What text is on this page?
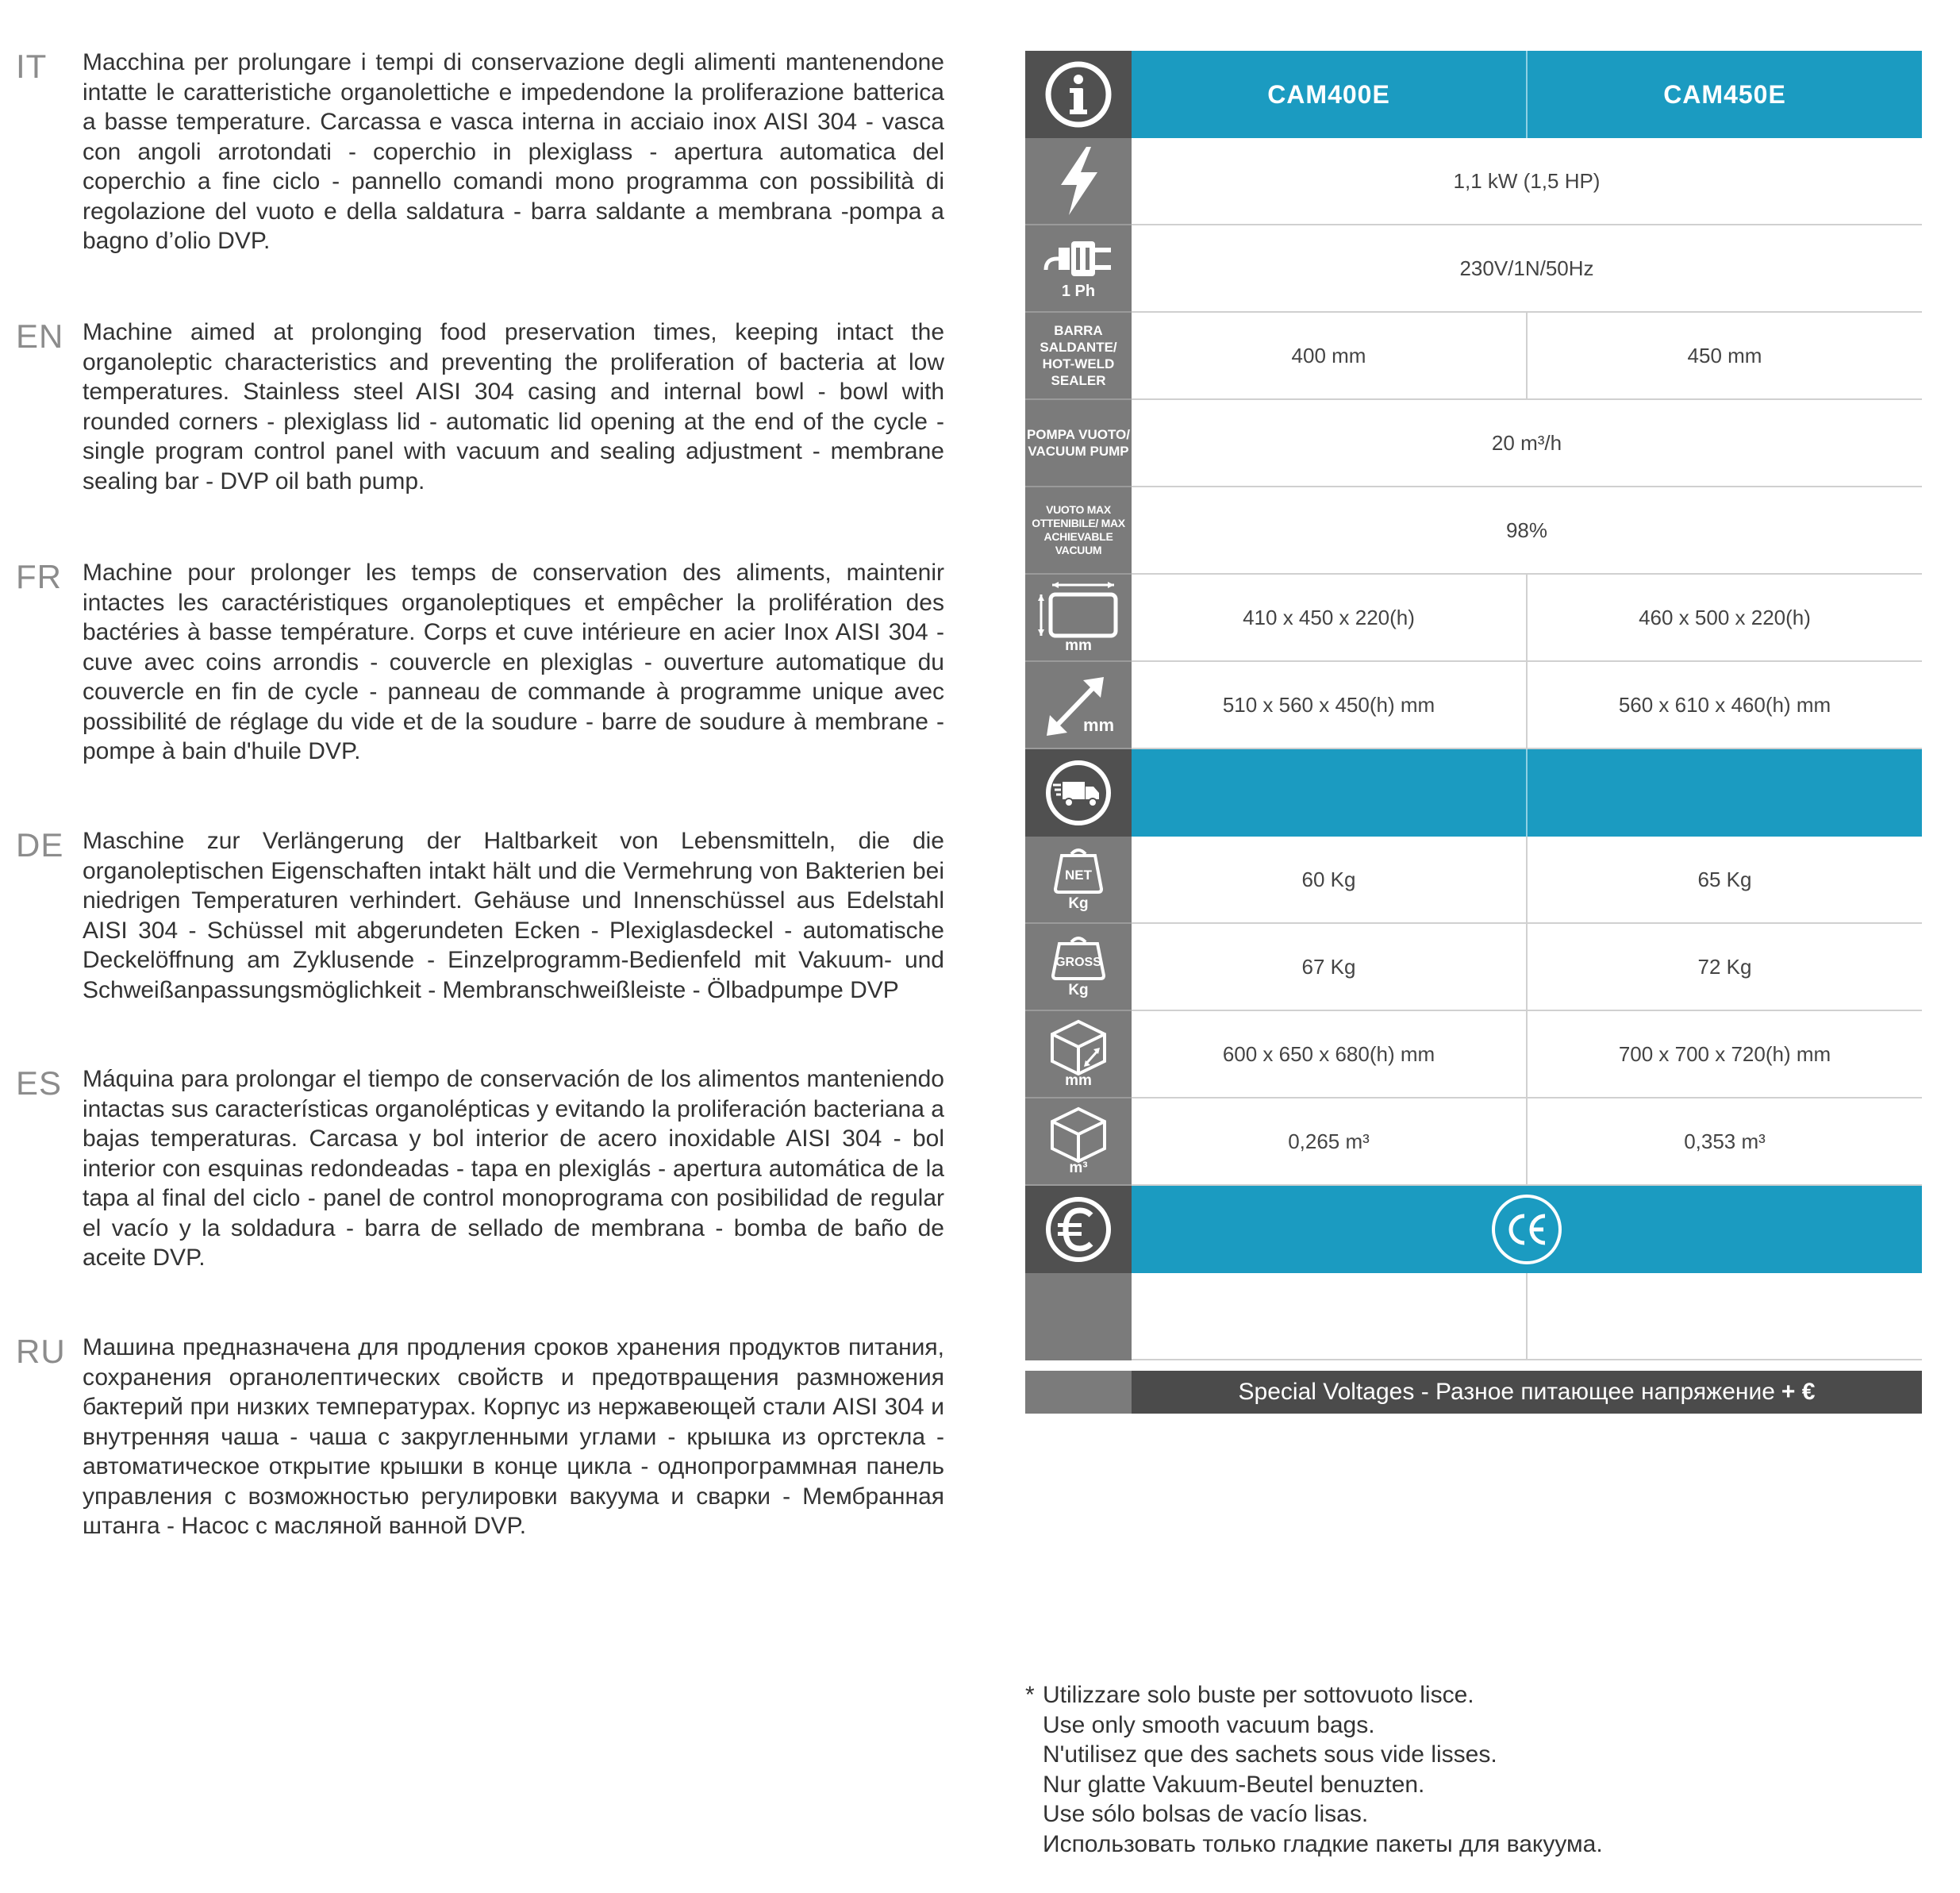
IT Macchina per prolungare i tempi di conservazione degli alimenti mantenendone intatte le caratteristiche organolettiche e impedendone la proliferazione batterica a basse temperature. Carcassa e vasca interna in acciaio inox AISI 304 - vasca con angoli arrotondati - coperchio in plexiglass - apertura automatica del coperchio a fine ciclo - pannello comandi mono programma con possibilità di regolazione del vuoto e della saldatura - barra saldante a membrana -pompa a bagno d’olio DVP.
EN Machine aimed at prolonging food preservation times, keeping intact the organoleptic characteristics and preventing the proliferation of bacteria at low temperatures. Stainless steel AISI 304 casing and internal bowl - bowl with rounded corners - plexiglass lid - automatic lid opening at the end of the cycle - single program control panel with vacuum and sealing adjustment - membrane sealing bar - DVP oil bath pump.
FR Machine pour prolonger les temps de conservation des aliments, maintenir intactes les caractéristiques organoleptiques et empêcher la prolifération des bactéries à basse température. Corps et cuve intérieure en acier Inox AISI 304 - cuve avec coins arrondis - couvercle en plexiglas - ouverture automatique du couvercle en fin de cycle - panneau de commande à programme unique avec possibilité de réglage du vide et de la soudure - barre de soudure à membrane - pompe à bain d'huile DVP.
DE Maschine zur Verlängerung der Haltbarkeit von Lebensmitteln, die die organoleptischen Eigenschaften intakt hält und die Vermehrung von Bakterien bei niedrigen Temperaturen verhindert. Gehäuse und Innenschüssel aus Edelstahl AISI 304 - Schüssel mit abgerundeten Ecken - Plexiglasdeckel - automatische Deckelöffnung am Zyklusende - Einzelprogramm-Bedienfeld mit Vakuum- und Schweißanpassungsmöglichkeit - Membranschweißleiste - Ölbadpumpe DVP
ES Máquina para prolongar el tiempo de conservación de los alimentos manteniendo intactas sus características organolépticas y evitando la proliferación bacteriana a bajas temperaturas. Carcasa y bol interior de acero inoxidable AISI 304 - bol interior con esquinas redondeadas - tapa en plexiglás - apertura automática de la tapa al final del ciclo - panel de control monoprograma con posibilidad de regular el vacío y la soldadura - barra de sellado de membrana - bomba de baño de aceite DVP.
RU Машина предназначена для продления сроков хранения продуктов питания, сохранения органолептических свойств и предотвращения размножения бактерий при низких температурах. Корпус из нержавеющей стали AISI 304 и внутренняя чаша - чаша с закругленными углами - крышка из оргстекла - автоматическое открытие крышки в конце цикла - однопрограммная панель управления с возможностью регулировки вакуума и сварки - Мембранная штанга - Насос с масляной ванной DVP.
CAM400E	CAM450E
1,1 kW (1,5 HP)
1 Ph
230V/1N/50Hz
BARRA SALDANTE/ HOT-WELD SEALER
400 mm	450 mm
POMPA VUOTO/ VACUUM PUMP	20 m³/h
VUOTO MAX OTTENIBILE/ MAX ACHIEVABLE VACUUM
98%
mm
410 x 450 x 220(h)	460 x 500 x 220(h)
mm
510 x 560 x 450(h) mm	560 x 610 x 460(h) mm
NET
Kg
60 Kg	65 Kg
GROSS
Kg
67 Kg	72 Kg
mm
600 x 650 x 680(h) mm	700 x 700 x 720(h) mm
m³
0,265 m³	0,353 m³
Special Voltages - Разное питающее напряжение + €
* Utilizzare solo buste per sottovuoto lisce.
Use only smooth vacuum bags.
N'utilisez que des sachets sous vide lisses.
Nur glatte Vakuum-Beutel benuzten.
Use sólo bolsas de vacío lisas.
Использовать только гладкие пакеты для вакуума.
